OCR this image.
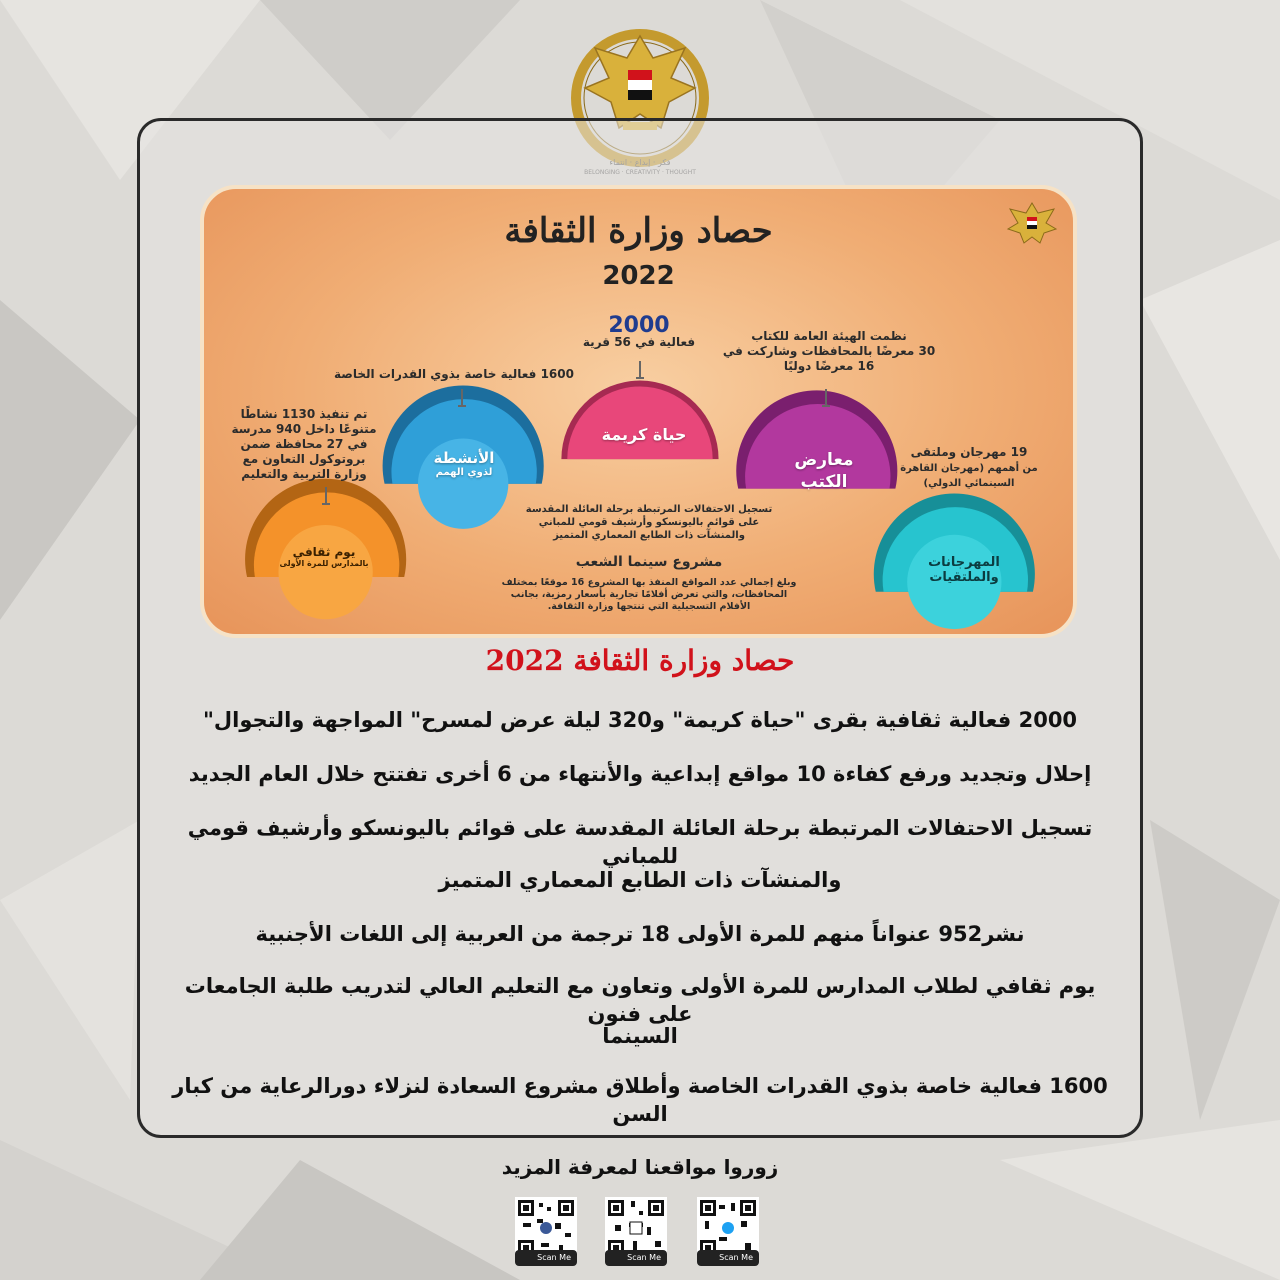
حصاد وزارة الثقافة
2022
2000
فعالية في 56 قرية
1600 فعالية خاصة بذوي القدرات الخاصة
نظمت الهيئة العامة للكتاب
30 معرضًا بالمحافظات وشاركت في
16 معرضًا دوليًا
تم تنفيذ 1130 نشاطًا
متنوعًا داخل 940 مدرسة
في 27 محافظة ضمن
بروتوكول التعاون مع
وزارة التربية والتعليم
19 مهرجان وملتقى
من أهمهم (مهرجان القاهرة
السينمائي الدولي)
تسجيل الاحتفالات المرتبطة برحلة العائلة المقدسة
على قوائم باليونسكو وأرشيف قومي للمباني
والمنشآت ذات الطابع المعماري المتميز
مشروع سينما الشعب
وبلغ إجمالي عدد المواقع المنفذ بها المشروع 16 موقعًا بمختلف
المحافظات، والتي تعرض أفلامًا تجارية بأسعار رمزية، بجانب
الأفلام التسجيلية التي تنتجها وزارة الثقافة.
حياة كريمة
الأنشطة
لذوي الهمم
معارض الكتب
يوم ثقافي
بالمدارس للمرة الأولى	المهرجانات والملتقيات
حصاد وزارة الثقافة 2022
2000 فعالية ثقافية بقرى "حياة كريمة" و320 ليلة عرض لمسرح" المواجهة والتجوال"
إحلال وتجديد ورفع كفاءة 10 مواقع إبداعية والأنتهاء من 6 أخرى تفتتح خلال العام الجديد
تسجيل الاحتفالات المرتبطة برحلة العائلة المقدسة على قوائم باليونسكو وأرشيف قومي للمباني
والمنشآت ذات الطابع المعماري المتميز
نشر952 عنواناً منهم للمرة الأولى 18 ترجمة من العربية إلى اللغات الأجنبية
يوم ثقافي لطلاب المدارس للمرة الأولى وتعاون مع التعليم العالي لتدريب طلبة الجامعات على فنون
السينما
1600 فعالية خاصة بذوي القدرات الخاصة وأطلاق مشروع السعادة لنزلاء دورالرعاية من كبار السن
زوروا مواقعنا لمعرفة المزيد
Scan Me	Scan Me	Scan Me
